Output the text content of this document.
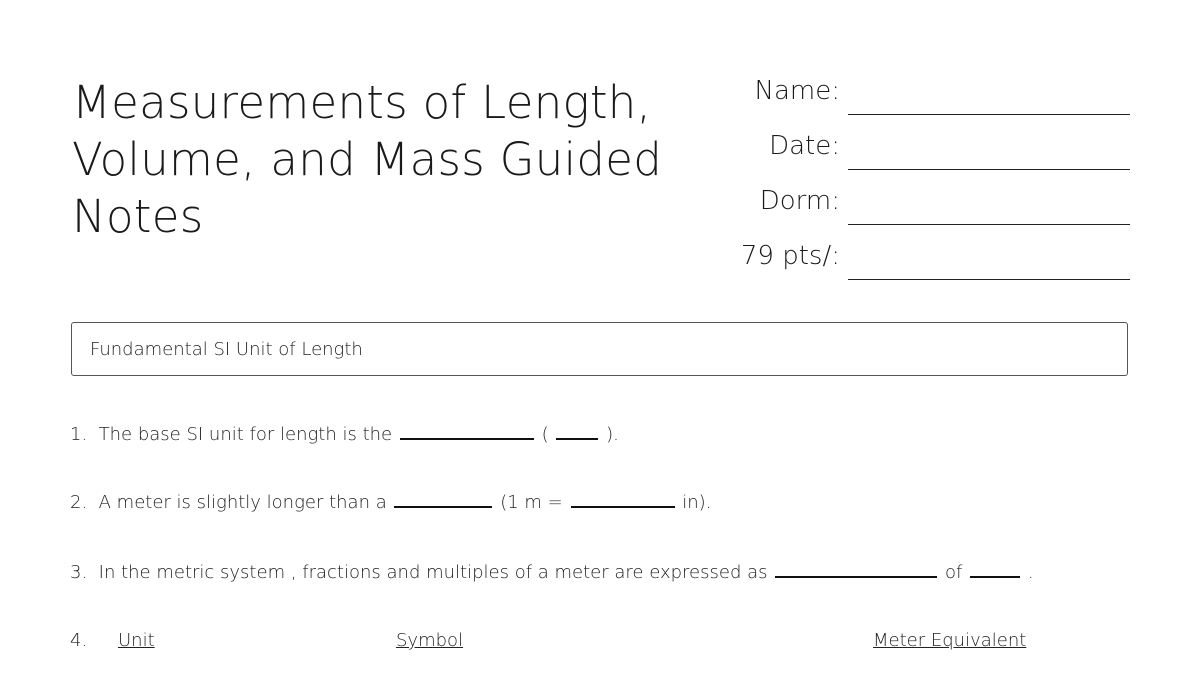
Measurements of Length,
Volume, and Mass Guided
Notes
Name:
Date:
Dorm:
79 pts/:
Fundamental SI Unit of Length
1. The base SI unit for length is the	(	).
2. A meter is slightly longer than a	(1 m =	in).
3. In the metric system , fractions and multiples of a meter are expressed as	of	.
4. Unit	Symbol	Meter Equivalent
